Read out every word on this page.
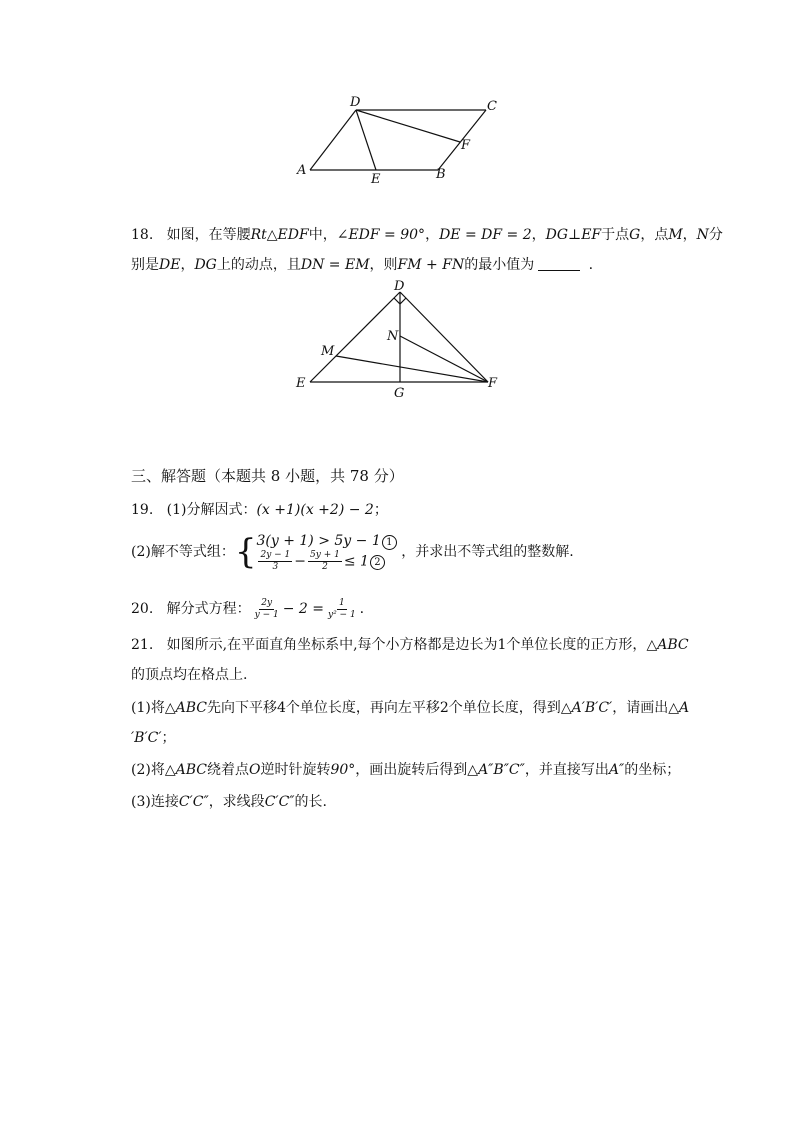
D	C
F
A
E	B
18. 如图，在等腰Rt△EDF中，∠EDF = 90°，DE = DF = 2，DG⊥EF于点G，点M，N分
别是DE，DG上的动点，且DN = EM，则FM + FN的最小值为	.
D
N
M
E
G
F
三、解答题（本题共 8 小题，共 78 分）
19. (1)分解因式：(x +1)(x +2) − 2；
(2)解不等式组：{ 3(y + 1) > 5y − 1 1
$\frac{2y - 1}{3} - \frac{5y + 1}{2} \le 1$ 2
，并求出不等式组的整数解.
20. 解分式方程： $\frac{2y}{y - 1} - 2 = \frac{1}{\text{y² − 1}}$ .
21. 如图所示,在平面直角坐标系中,每个小方格都是边长为1个单位长度的正方形，△ABC
的顶点均在格点上.
(1)将△ABC先向下平移4个单位长度，再向左平移2个单位长度，得到△A′B′C′，请画出△A
′B′C′；
(2)将△ABC绕着点O逆时针旋转90°，画出旋转后得到△A″B″C″，并直接写出A″的坐标；
(3)连接C′C″，求线段C′C″的长.
